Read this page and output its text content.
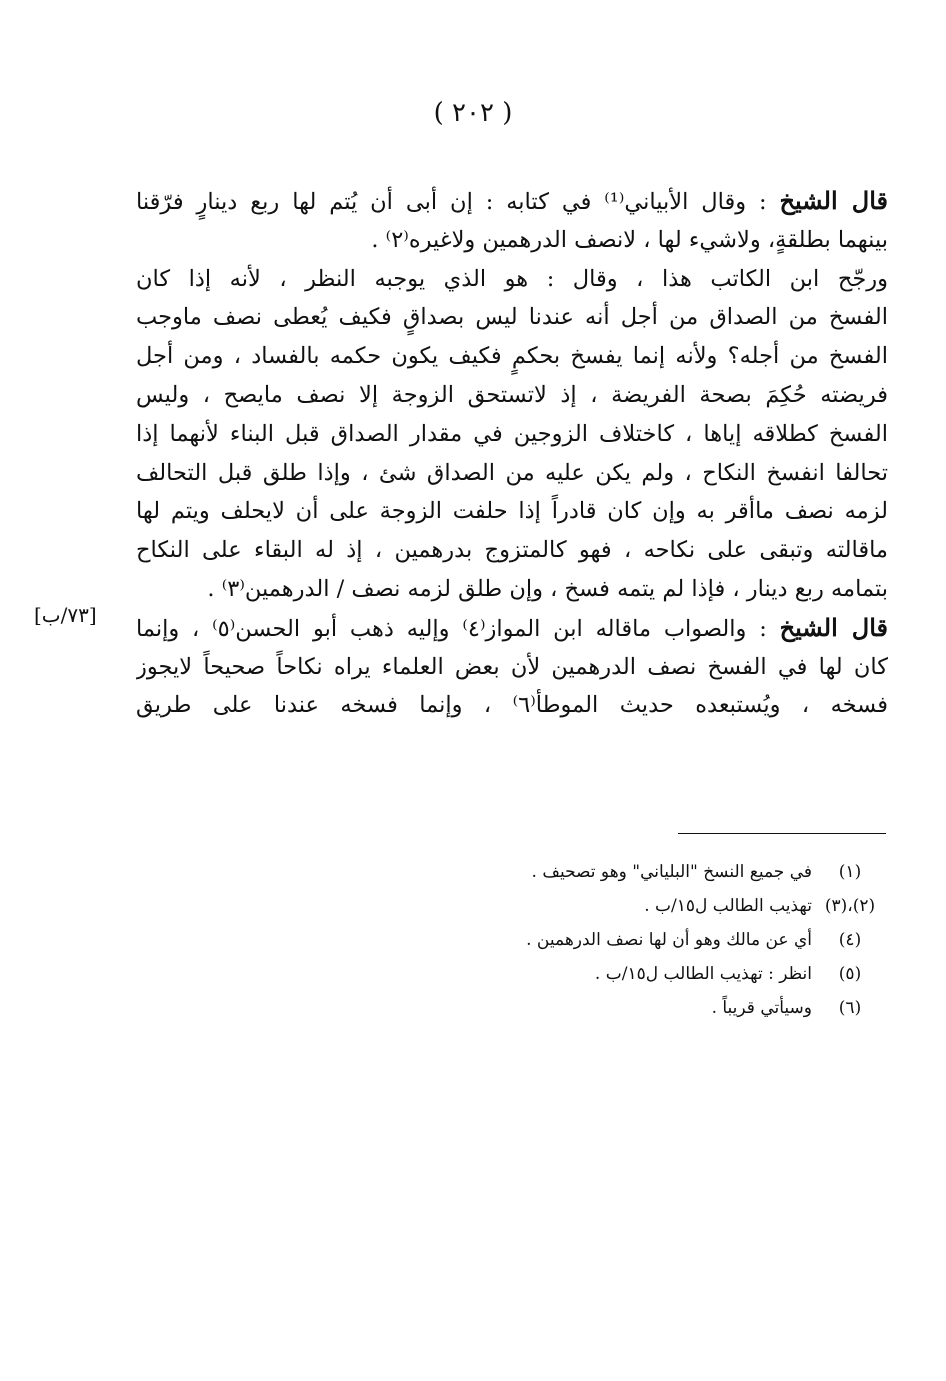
( ٢٠٢ )
قال الشيخ : وقال الأبياني⁽¹⁾ في كتابه : إن أبى أن يُتم لها ربع دينارٍ فرّقنا
بينهما بطلقةٍ، ولاشيء لها ، لانصف الدرهمين ولاغيره⁽٢⁾ .
ورجّح ابن الكاتب هذا ، وقال : هو الذي يوجبه النظر ، لأنه إذا كان
الفسخ من الصداق من أجل أنه عندنا ليس بصداقٍ فكيف يُعطى نصف ماوجب
الفسخ من أجله؟ ولأنه إنما يفسخ بحكمٍ فكيف يكون حكمه بالفساد ، ومن أجل
فريضته حُكِمَ بصحة الفريضة ، إذ لاتستحق الزوجة إلا نصف مايصح ، وليس
الفسخ كطلاقه إياها ، كاختلاف الزوجين في مقدار الصداق قبل البناء لأنهما إذا
تحالفا انفسخ النكاح ، ولم يكن عليه من الصداق شئ ، وإذا طلق قبل التحالف
لزمه نصف ماأقر به وإن كان قادراً إذا حلفت الزوجة على أن لايحلف ويتم لها
ماقالته وتبقى على نكاحه ، فهو كالمتزوج بدرهمين ، إذ له البقاء على النكاح
بتمامه ربع دينار ، فإذا لم يتمه فسخ ، وإن طلق لزمه نصف / الدرهمين⁽٣⁾ .
قال الشيخ : والصواب ماقاله ابن المواز⁽٤⁾ وإليه ذهب أبو الحسن⁽٥⁾ ، وإنما
كان لها في الفسخ نصف الدرهمين لأن بعض العلماء يراه نكاحاً صحيحاً لايجوز
فسخه ، ويُستبعده حديث الموطأ⁽٦⁾ ، وإنما فسخه عندنا على طريق
[٧٣/ب]
(١)
في جميع النسخ "البلياني" وهو تصحيف .
(٢)،(٣)
تهذيب الطالب ل١٥/ب .
(٤)
أي عن مالك وهو أن لها نصف الدرهمين .
(٥)
انظر : تهذيب الطالب ل١٥/ب .
(٦)
وسيأتي قريباً .
